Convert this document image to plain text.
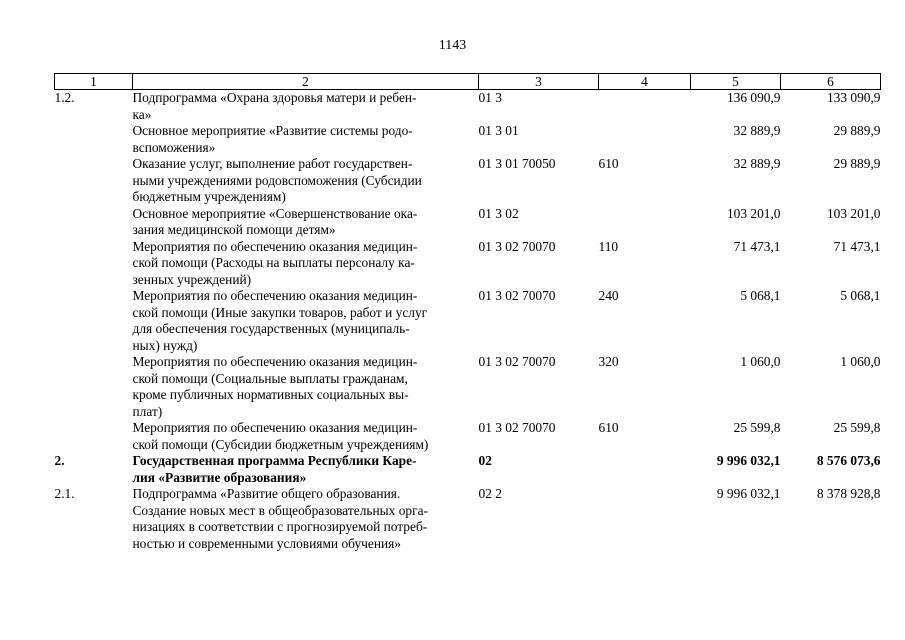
1143
1	2	3	4	5	6
1.2.	Подпрограмма «Охрана здоровья матери и ребен-
ка»	01 3		136 090,9	133 090,9

	Основное мероприятие «Развитие системы родо-
вспоможения»	01 3 01		32 889,9	29 889,9

	Оказание услуг, выполнение работ государствен-
ными учреждениями родовспоможения (Субсидии
бюджетным учреждениям)	01 3 01 70050	610	32 889,9	29 889,9

	Основное мероприятие «Совершенствование ока-
зания медицинской помощи детям»	01 3 02		103 201,0	103 201,0

	Мероприятия по обеспечению оказания медицин-
ской помощи (Расходы на выплаты персоналу ка-
зенных учреждений)	01 3 02 70070	110	71 473,1	71 473,1

	Мероприятия по обеспечению оказания медицин-
ской помощи (Иные закупки товаров, работ и услуг
для обеспечения государственных (муниципаль-
ных) нужд)	01 3 02 70070	240	5 068,1	5 068,1

	Мероприятия по обеспечению оказания медицин-
ской помощи (Социальные выплаты гражданам,
кроме публичных нормативных социальных вы-
плат)	01 3 02 70070	320	1 060,0	1 060,0

	Мероприятия по обеспечению оказания медицин-
ской помощи (Субсидии бюджетным учреждениям)	01 3 02 70070	610	25 599,8	25 599,8
2.	Государственная программа Республики Каре-
лия «Развитие образования»	02		9 996 032,1	8 576 073,6
2.1.	Подпрограмма «Развитие общего образования.
Создание новых мест в общеобразовательных орга-
низациях в соответствии с прогнозируемой потреб-
ностью и современными условиями обучения»	02 2		9 996 032,1	8 378 928,8
